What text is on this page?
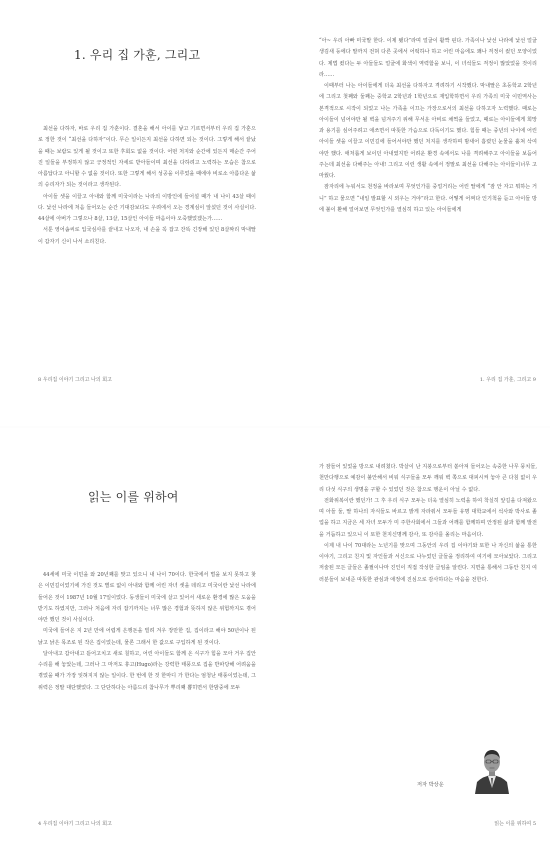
1. 우리 집 가훈, 그리고

최선을 다하자, 바로 우리 집 가훈이다. 결혼을 해서 아이를 낳고 기르면서부터 우리 집 가훈으로 정한 것이 “최선을 다하자”이다. 무슨 일이든지 최선을 다하면 되는 것이다. 그렇게 해서 끝났을 때는 보람도 있게 될 것이고 또한 후회도 없을 것이다. 어떤 처지와 순간에 있든지 매순간 주어진 일들을 부정하지 않고 긍정적인 자세로 받아들이며 최선을 다하려고 노력하는 모습은 참으로 아름답다고 아니할 수 없을 것이다. 또한 그렇게 해서 성공을 이루었을 때에야 비로소 아름다운 삶의 승리자가 되는 것이라고 생각된다.

아이들 셋을 이끌고 아내와 함께 미국이라는 나라의 이방인에 들어설 때가 내 나이 43살 때이다. 낯선 나라에 처음 들어오는 순간 기대감보다도 우려에서 오는 경계심이 앞섰던 것이 사실이다. 44살에 아버가 그렇으나 8살, 13살, 15살인 아이들 마음이야 오죽했었겠는가……

서툰 영어솜씨로 입국심사를 끝내고 나오자, 내 손을 꼭 잡고 잔뜩 긴장해 있던 8살짜리 막내딸이 갑자기 신이 나서 소리친다.

8 우리집 이야기 그리고 나의 회고

“아~ 우리 아빠 미국말 한다. 이제 됐다”라며 얼굴이 활짝 핀다. 가족이나 낯선 나라에 낯선 얼굴 생김새 등에다 말까지 전혀 다른 곳에서 어떡하나 하고 어린 마음에도 꽤나 걱정이 컸던 모양이었다. 제법 컸다는 두 아들들도 얼굴에 화색이 역력함을 보니, 이 녀석들도 걱정이 많았었을 것이리라……

이때부터 나는 아이들에게 더욱 최선을 다하자고 격려하기 시작했다. 막내딸은 초등학교 2학년에 그리고 첫째와 둘째는 중학교 2학년과 1학년으로 재입학하면서 우리 가족의 미국 이민역사는 본격적으로 시작이 되었고 나는 가족을 이끄는 가장으로서의 최선을 다하고자 노력했다. 때로는 아이들이 넘어야만 될 벽을 넘겨주기 위해 무서운 아비로 채찍을 들었고, 때로는 아이들에게 희망과 용기를 심어주려고 애쓰면서 따뜻한 가슴으로 다독이기도 했다. 힘들 때는 중년의 나이에 어린 아이들 셋을 이끌고 이민길에 들어서야만 했던 처지를 생각하며 밤새어 흡렸던 눈물을 훔쳐 삭여야만 했다. 애처롭게 보이던 아내였지만 어려운 환경 속에서도 나를 격려해주고 아이들을 보듬어주는데 최선을 다해주는 아내! 그리고 이런 생활 속에서 정말로 최선을 다해주는 아이들이너무 고마웠다.

잠자리에 누워서도 천정을 바라보며 무엇인가를 중얼거리는 어린 딸에게 “잠 안 자고 뭐하는 거니” 하고 물으면 “내일 발표할 시 외우는 거야”라고 한다. 어떻게 어쩌다 인기척을 듣고 아이들 방에 불이 환해 얼어보면 무엇인가를 열심히 하고 있는 아이들에게

1. 우리 집 가훈, 그리고 9
읽는 이를 위하여

44세에 미국 이민을 와 20년째를 맞고 있으니 내 나이 70이다. 한국에서 벌을 보지 못하고 찾은 이민길이었기에 가진 것도 별로 없이 아내와 함께 어린 자녀 셋을 데리고 미국이란 낯선 나라에 들어온 것이 1987년 10월 17일이었다. 동생들이 미국에 살고 있어서 새로운 환경에 많은 도움을 받기도 하였지만, 그러나 처음에 자리 잡기까지는 너무 많은 경험과 뜻하지 않은 위험까지도 겪어야만 했던 것이 사실이다.

미국에 들어온 지 2년 만에 어렵게 은행돈을 빌려 겨우 장만한 집, 집이라고 해야 50년이나 된 낡고 낡은 목조로 된 작은 집이었는데, 물론 그래서 한 값으로 구입하게 된 것이다.

달아내고 갑아내고 뜯어고치고 새로 칠하고, 어린 아이들도 함께 온 식구가 힘을 모아 거우 집안 수리를 해 놓았는데, 그러나 그 마저도 휴고(Hugo)라는 강력한 태풍으로 집을 반파당해 어려움을 겪었을 때가 가장 잊혀지지 않는 일이다. 한 번에 한 것 한마디 가 한다는 엄청난 태풍이었는데, 그 위력은 정말 대단했었다. 그 단단하다는 아름드리 참나무가 뿌리째 뽑히면서 한밤중에 모두

4 우리집 이야기 그리고 나의 회고

가 잠들어 있었을 방으로 내려쳤다. 박살이 난 지붕으로부터 쏟아져 들어오는 속중한 나무 뭉치들, 천만다행으로 예감이 불안해서 비워 식구들을 모두 깨워 벽 쪽으로 대피시켜 놓아 큰 다침 없이 우리 다섯 식구의 생명을 구할 수 있었던 것은 참으로 행운이 아닐 수 없다.

전화위복이란 했던가! 그 후 우리 식구 모두는 더욱 열심히 노력을 하여 착실히 앞길을 다져왔으며 아들 둘, 딸 하나의 자식들도 바르고 밝게 자라줘서 모두들 유명 대학교에서 석사와 박사로 졸업을 하고 지금은 세 자녀 모두가 미 주한사회에서 그들과 어깨를 함께하며 안정된 삶과 함께 발전을 거듭하고 있으니 이 또한 천지신명께 감사, 또 감사를 올리는 마음이다.

이제 내 나이 70대라는 노년기를 맞으며 그동안의 우리 집 이야기와 또한 나 자신의 삶을 통한 이야기, 그리고 친지 및 자인들과 서신으로 나누었던 글들을 정리하여 여기에 모아보았다. 그리고 저술된 모든 글들은 졸필이나마 진인이 직접 작성한 글임을 알린다. 지면을 통해서 그동안 친지 여러분들이 보내준 따뜻한 관심과 애정에 진심으로 감사하다는 마음을 전한다.

저자 박상운
읽는 이를 위하여 5
